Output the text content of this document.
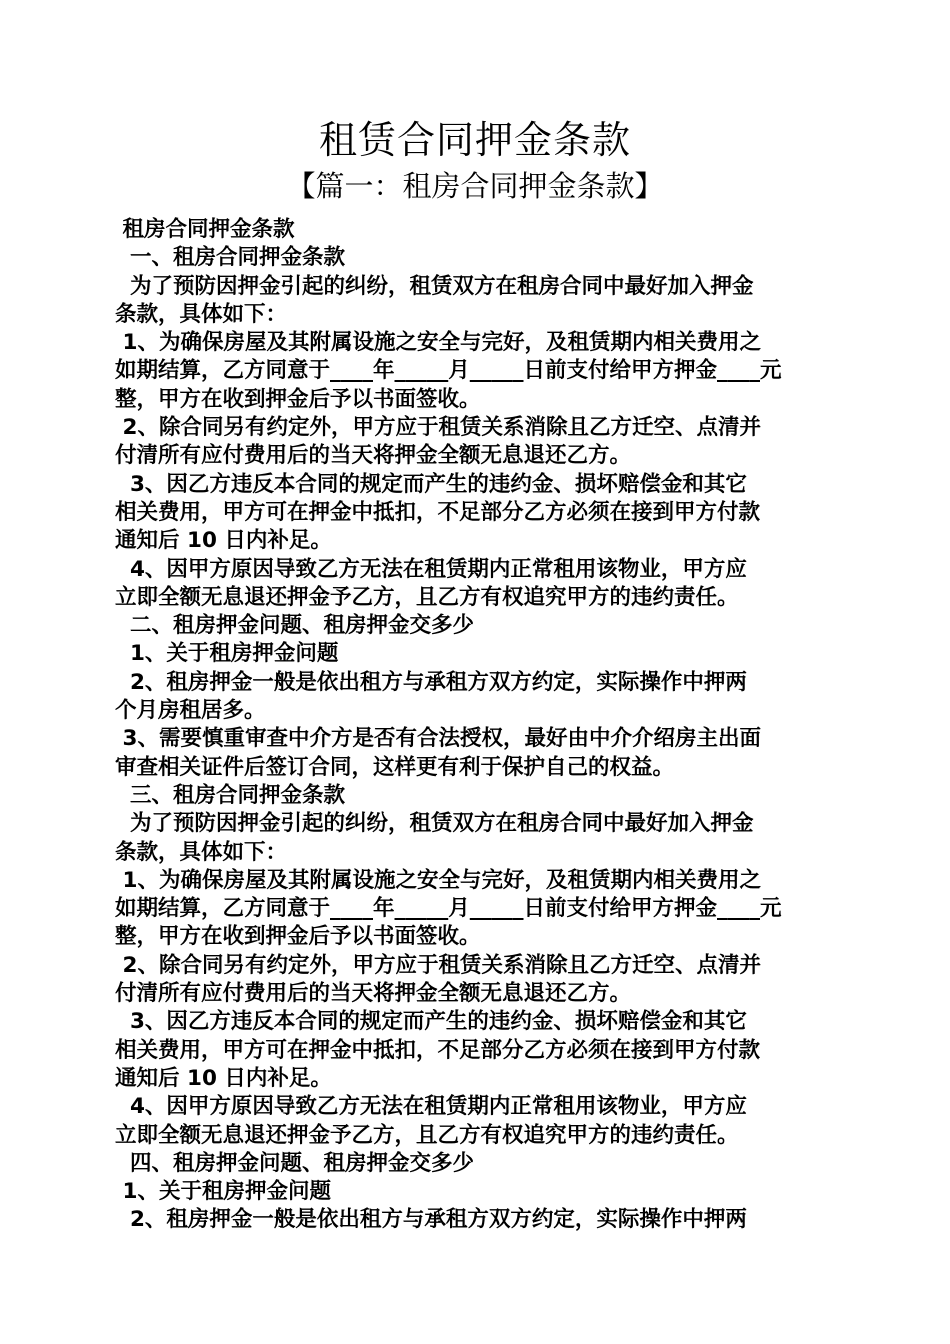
租赁合同押金条款
【篇一：租房合同押金条款】
租房合同押金条款
一、租房合同押金条款
为了预防因押金引起的纠纷，租赁双方在租房合同中最好加入押金
条款，具体如下：
1、为确保房屋及其附属设施之安全与完好，及租赁期内相关费用之
如期结算，乙方同意于____年_____月_____日前支付给甲方押金____元
整，甲方在收到押金后予以书面签收。
2、除合同另有约定外，甲方应于租赁关系消除且乙方迁空、点清并
付清所有应付费用后的当天将押金全额无息退还乙方。
3、因乙方违反本合同的规定而产生的违约金、损坏赔偿金和其它
相关费用，甲方可在押金中抵扣，不足部分乙方必须在接到甲方付款
通知后 10 日内补足。
4、因甲方原因导致乙方无法在租赁期内正常租用该物业，甲方应
立即全额无息退还押金予乙方，且乙方有权追究甲方的违约责任。
二、租房押金问题、租房押金交多少
1、关于租房押金问题
2、租房押金一般是依出租方与承租方双方约定，实际操作中押两
个月房租居多。
3、需要慎重审查中介方是否有合法授权，最好由中介介绍房主出面
审查相关证件后签订合同，这样更有利于保护自己的权益。
三、租房合同押金条款
为了预防因押金引起的纠纷，租赁双方在租房合同中最好加入押金
条款，具体如下：
1、为确保房屋及其附属设施之安全与完好，及租赁期内相关费用之
如期结算，乙方同意于____年_____月_____日前支付给甲方押金____元
整，甲方在收到押金后予以书面签收。
2、除合同另有约定外，甲方应于租赁关系消除且乙方迁空、点清并
付清所有应付费用后的当天将押金全额无息退还乙方。
3、因乙方违反本合同的规定而产生的违约金、损坏赔偿金和其它
相关费用，甲方可在押金中抵扣，不足部分乙方必须在接到甲方付款
通知后 10 日内补足。
4、因甲方原因导致乙方无法在租赁期内正常租用该物业，甲方应
立即全额无息退还押金予乙方，且乙方有权追究甲方的违约责任。
四、租房押金问题、租房押金交多少
1、关于租房押金问题
2、租房押金一般是依出租方与承租方双方约定，实际操作中押两
